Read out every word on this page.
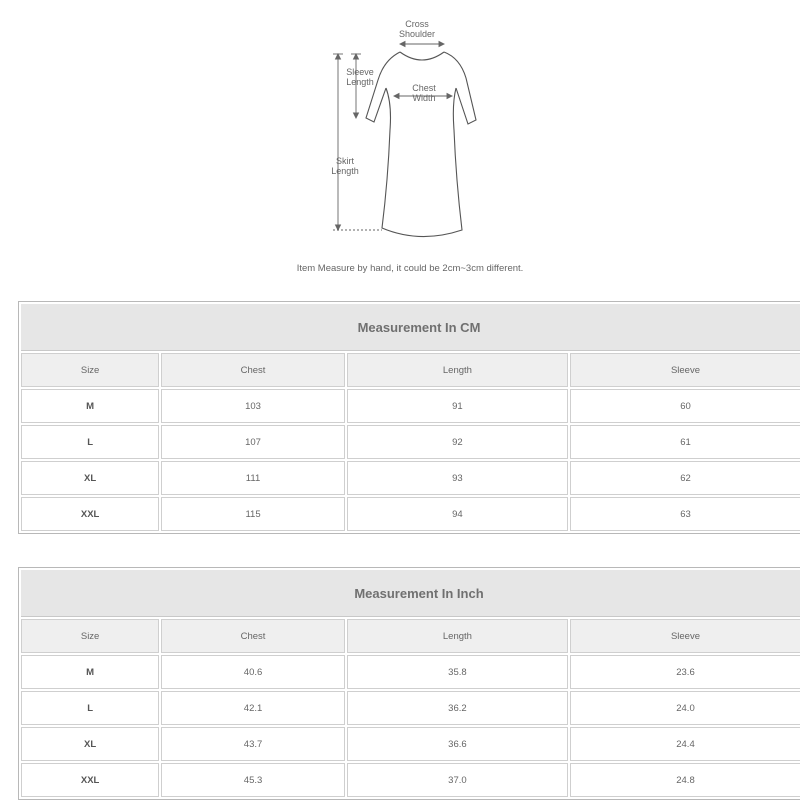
Cross
Shoulder
Sleeve
Length
Chest
Width
Skirt
Length
Item Measure by hand, it could be 2cm~3cm different.
Measurement In CM
Size	Chest	Length	Sleeve
M	103	91	60
L	107	92	61
XL	111	93	62
XXL	115	94	63
Measurement In Inch
Size	Chest	Length	Sleeve
M	40.6	35.8	23.6
L	42.1	36.2	24.0
XL	43.7	36.6	24.4
XXL	45.3	37.0	24.8
